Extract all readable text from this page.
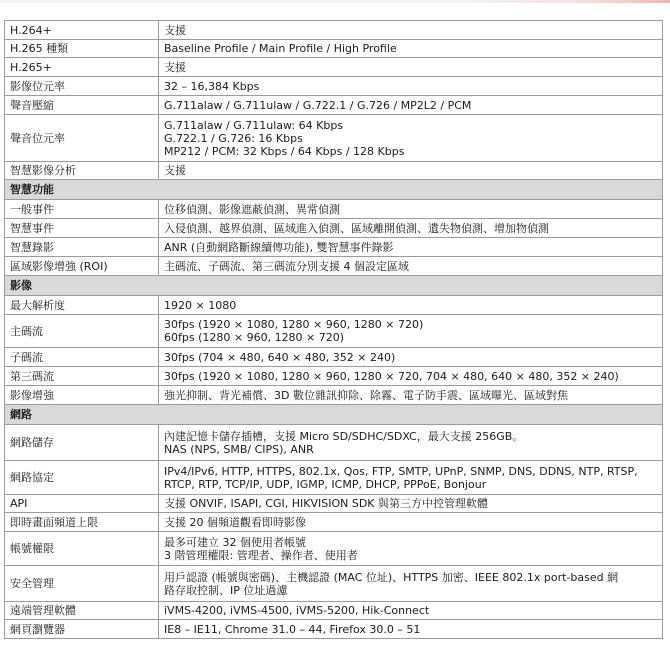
H.264+	支援

H.265 種類	Baseline Profile / Main Profile / High Profile

H.265+	支援

影像位元率	32 – 16,384 Kbps

聲音壓縮	G.711alaw / G.711ulaw / G.722.1 / G.726 / MP2L2 / PCM

聲音位元率	G.711alaw / G.711ulaw: 64 Kbps
G.722.1 / G.726: 16 Kbps
MP212 / PCM: 32 Kbps / 64 Kbps / 128 Kbps

智慧影像分析	支援

智慧功能	
一般事件	位移偵測、影像遮蔽偵測、異常偵測

智慧事件	入侵偵測、越界偵測、區域進入偵測、區域離開偵測、遺失物偵測、增加物偵測

智慧錄影	ANR (自動網路斷線續傳功能), 雙智慧事件錄影

區域影像增強 (ROI)	主碼流、子碼流、第三碼流分別支援 4 個設定區域

影像	
最大解析度	1920 × 1080

主碼流	30fps (1920 × 1080, 1280 × 960, 1280 × 720)
60fps (1280 × 960, 1280 × 720)

子碼流	30fps (704 × 480, 640 × 480, 352 × 240)

第三碼流	30fps (1920 × 1080, 1280 × 960, 1280 × 720, 704 × 480, 640 × 480, 352 × 240)

影像增強	強光抑制、背光補償、3D 數位雜訊抑除、除霧、電子防手震、區域曝光、區域對焦

網路	
網路儲存	內建記憶卡儲存插槽，支援 Micro SD/SDHC/SDXC，最大支援 256GB。
NAS (NPS, SMB/ CIPS), ANR

網路協定	IPv4/IPv6, HTTP, HTTPS, 802.1x, Qos, FTP, SMTP, UPnP, SNMP, DNS, DDNS, NTP, RTSP,
RTCP, RTP, TCP/IP, UDP, IGMP, ICMP, DHCP, PPPoE, Bonjour

API	支援 ONVIF, ISAPI, CGI, HIKVISION SDK 與第三方中控管理軟體

即時畫面頻道上限	支援 20 個頻道觀看即時影像

帳號權限	最多可建立 32 個使用者帳號
3 階管理權限: 管理者、操作者、使用者

安全管理	用戶認證 (帳號與密碼)、主機認證 (MAC 位址)、HTTPS 加密、IEEE 802.1x port-based 網
路存取控制、IP 位址過濾

遠端管理軟體	iVMS-4200, iVMS-4500, iVMS-5200, Hik-Connect

網頁瀏覽器	IE8 – IE11, Chrome 31.0 – 44, Firefox 30.0 – 51
